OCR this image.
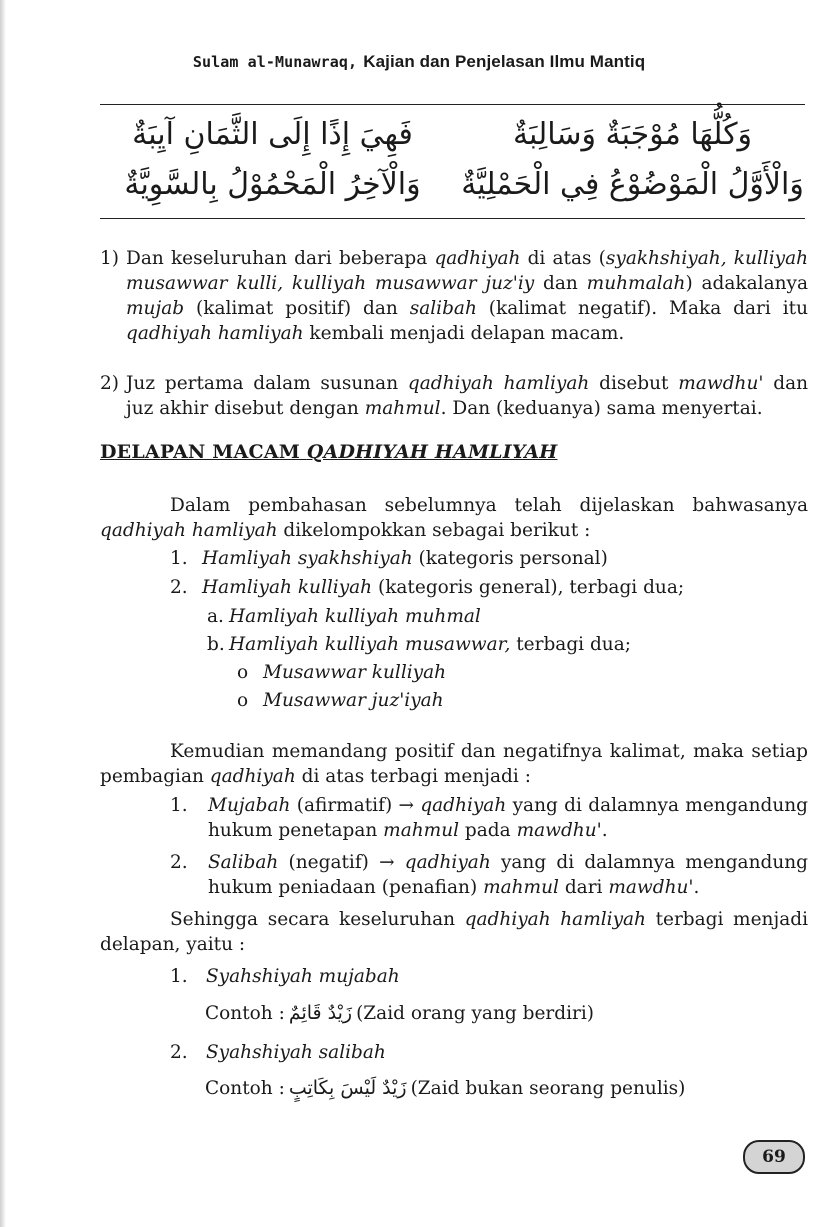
Sulam al-Munawraq, Kajian dan Penjelasan Ilmu Mantiq
وَكُلُّهَا مُوْجَبَةٌ وَسَالِبَةٌ
فَهِيَ إِذًا إِلَى الثَّمَانِ آيِبَةٌ
وَالْأَوَّلُ الْمَوْضُوْعُ فِي الْحَمْلِيَّةٌ
وَالْآخِرُ الْمَحْمُوْلُ بِالسَّوِيَّةٌ
1) Dan keseluruhan dari beberapa qadhiyah di atas (syakhshiyah, kulliyah musawwar kulli, kulliyah musawwar juz'iy dan muhmalah) adakalanya mujab (kalimat positif) dan salibah (kalimat negatif). Maka dari itu qadhiyah hamliyah kembali menjadi delapan macam.
2) Juz pertama dalam susunan qadhiyah hamliyah disebut mawdhu' dan juz akhir disebut dengan mahmul. Dan (keduanya) sama menyertai.
DELAPAN MACAM QADHIYAH HAMLIYAH
Dalam pembahasan sebelumnya telah dijelaskan bahwasanya qadhiyah hamliyah dikelompokkan sebagai berikut :
1. Hamliyah syakhshiyah (kategoris personal)
2. Hamliyah kulliyah (kategoris general), terbagi dua;
a. Hamliyah kulliyah muhmal
b. Hamliyah kulliyah musawwar, terbagi dua;
o Musawwar kulliyah
o Musawwar juz'iyah
Kemudian memandang positif dan negatifnya kalimat, maka setiap pembagian qadhiyah di atas terbagi menjadi :
1. Mujabah (afirmatif) → qadhiyah yang di dalamnya mengandung hukum penetapan mahmul pada mawdhu'.
2. Salibah (negatif) → qadhiyah yang di dalamnya mengandung hukum peniadaan (penafian) mahmul dari mawdhu'.
Sehingga secara keseluruhan qadhiyah hamliyah terbagi menjadi delapan, yaitu :
1. Syahshiyah mujabah
Contoh : زَيْدٌ قَائِمٌ (Zaid orang yang berdiri)
2. Syahshiyah salibah
Contoh : زَيْدٌ لَيْسَ بِكَاتِبٍ (Zaid bukan seorang penulis)
69
